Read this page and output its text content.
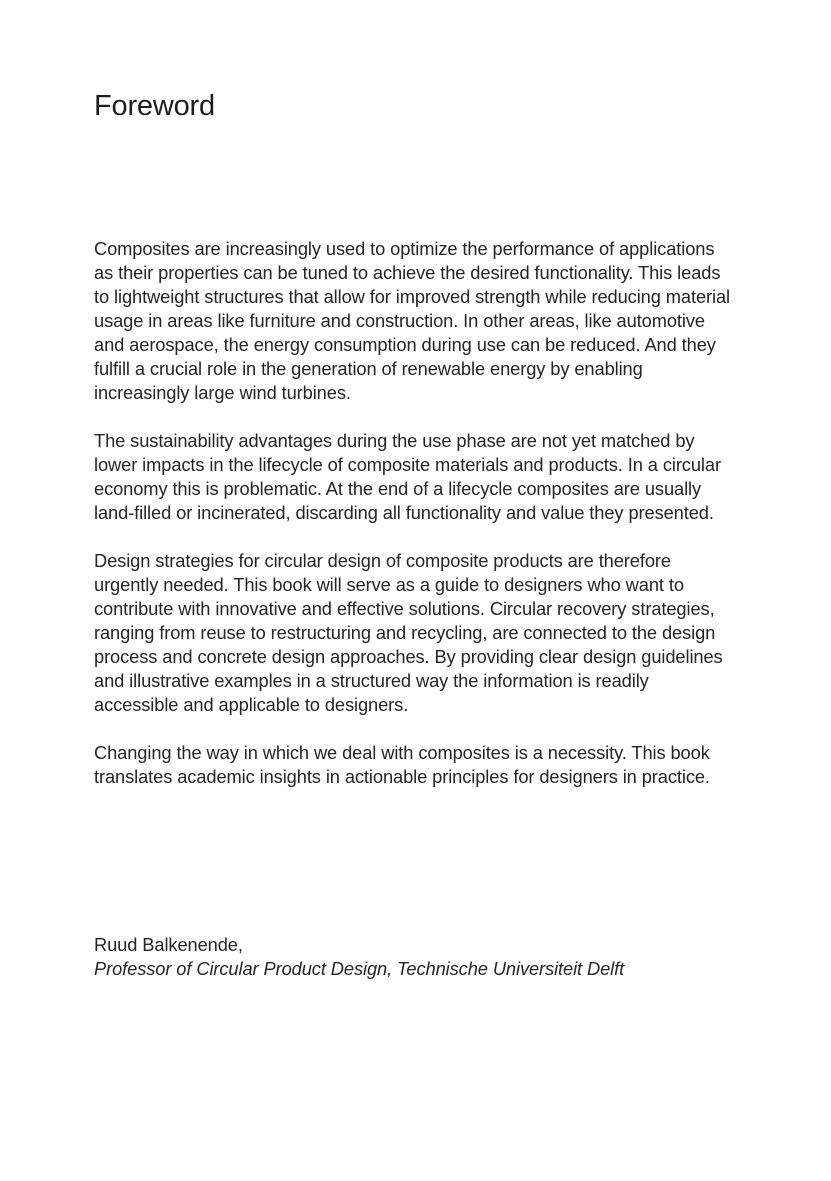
Foreword

Composites are increasingly used to optimize the performance of applications as their properties can be tuned to achieve the desired functionality. This leads to lightweight structures that allow for improved strength while reducing material usage in areas like furniture and construction. In other areas, like automotive and aerospace, the energy consumption during use can be reduced. And they fulfill a crucial role in the generation of renewable energy by enabling increasingly large wind turbines.

The sustainability advantages during the use phase are not yet matched by lower impacts in the lifecycle of composite materials and products. In a circular economy this is problematic. At the end of a lifecycle composites are usually land-filled or incinerated, discarding all functionality and value they presented.

Design strategies for circular design of composite products are therefore urgently needed. This book will serve as a guide to designers who want to contribute with innovative and effective solutions. Circular recovery strategies, ranging from reuse to restructuring and recycling, are connected to the design process and concrete design approaches. By providing clear design guidelines and illustrative examples in a structured way the information is readily accessible and applicable to designers.

Changing the way in which we deal with composites is a necessity. This book translates academic insights in actionable principles for designers in practice.

Ruud Balkenende,
Professor of Circular Product Design, Technische Universiteit Delft
